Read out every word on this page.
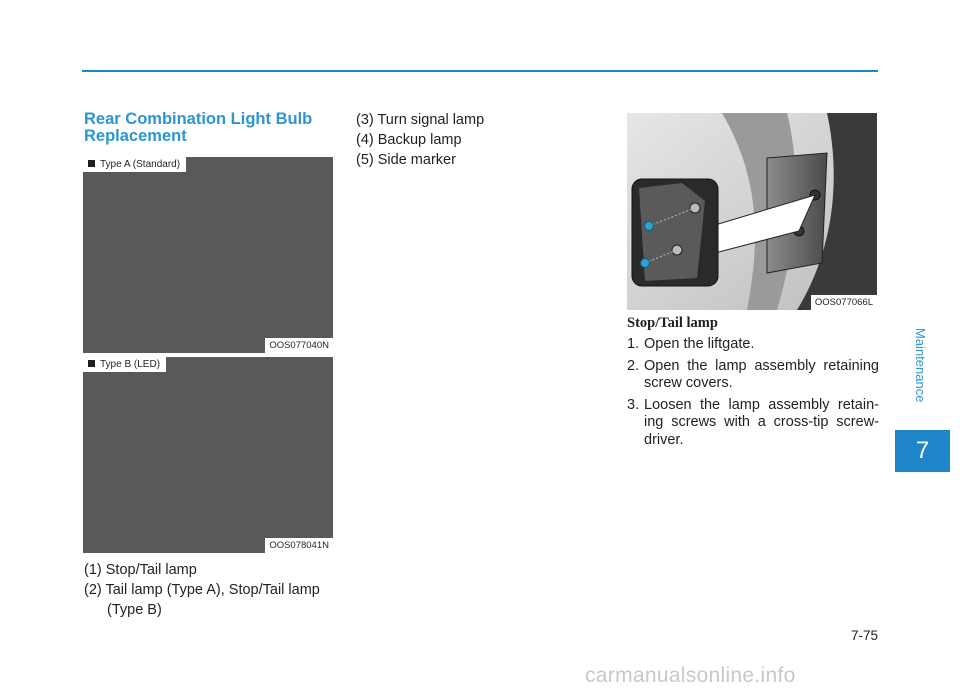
Rear Combination Light Bulb Replacement
Type A (Standard)
OOS077040N
Type B (LED)
OOS078041N

(1) Stop/Tail lamp

(2) Tail lamp (Type A), Stop/Tail lamp (Type B)

(3) Turn signal lamp

(4) Backup lamp

(5) Side marker

OOS077066L
Stop/Tail lamp
1. Open the liftgate.
2. Open the lamp assembly retaining screw covers.
3. Loosen the lamp assembly retain-ing screws with a cross-tip screw-driver.
Maintenance
7
7-75
carmanualsonline.info
